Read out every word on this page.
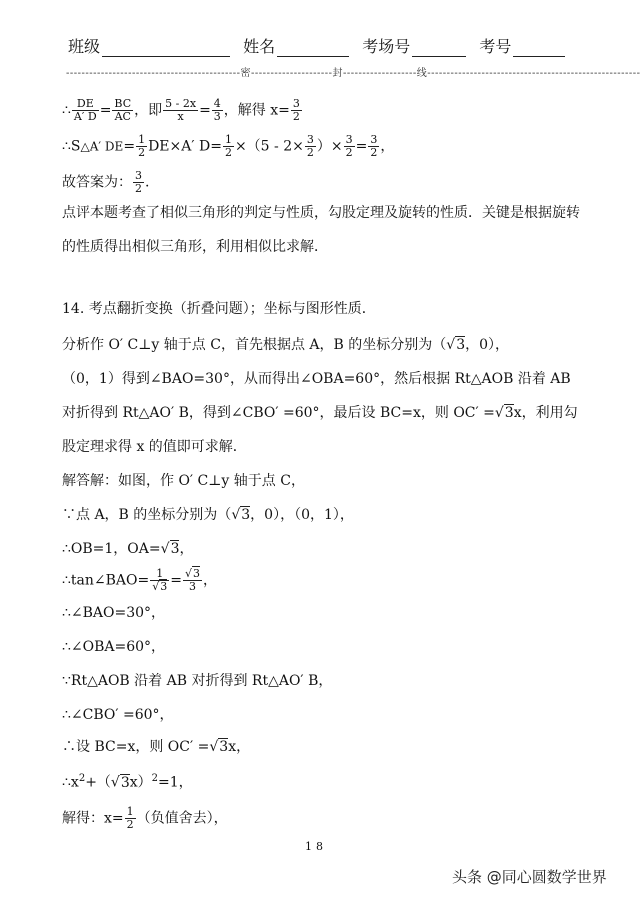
班级	姓名	考场号	考号
---------------------------------------------密---------------------封-------------------线-------------------------------------------------------
∴ $\frac{DE}{A' D} = \frac{BC}{AC}$ ，即 $\frac{5 - 2x}{x} = \frac{4}{3}$ ，解得 $x= \frac{3}{2}$
∴S△A′ $DE= \frac{1}{2} DE\times A'$ $D= \frac{1}{2} \times(5 - 2\times \frac{3}{2}$ ）× $\frac{3}{2} = \frac{3}{2}$ ，
故答案为： $\frac{3}{2}$ .
点评本题考查了相似三角形的判定与性质，勾股定理及旋转的性质．关键是根据旋转的性质得出相似三角形，利用相似比求解．
14. 考点翻折变换（折叠问题）；坐标与图形性质．
分析作 O′ C⊥y 轴于点 C，首先根据点 A，B 的坐标分别为（√3，0），
（0，1）得到∠BAO=30°，从而得出∠OBA=60°，然后根据 Rt△AOB 沿着 AB
对折得到 Rt△AO′ B，得到∠CBO′ =60°，最后设 BC=x，则 OC′ =√3x，利用勾
股定理求得 x 的值即可求解．
解答解：如图，作 O′ C⊥y 轴于点 C，
∵点 A，B 的坐标分别为（√3，0），（0，1），
∴OB=1，OA=√3，
∴tan∠BAO= $\frac{1}{√3} = \frac{√3}{3}$ ，
∴∠BAO=30°，
∴∠OBA=60°，
∵Rt△AOB 沿着 AB 对折得到 Rt△AO′ B，
∴∠CBO′ =60°，
∴设 BC=x，则 OC′ =√3x，
$\therefore x^2+(√3x)^2=1$，
解得：$x= \frac{1}{2}$ （负值舍去），
18
头条 @同心圆数学世界
